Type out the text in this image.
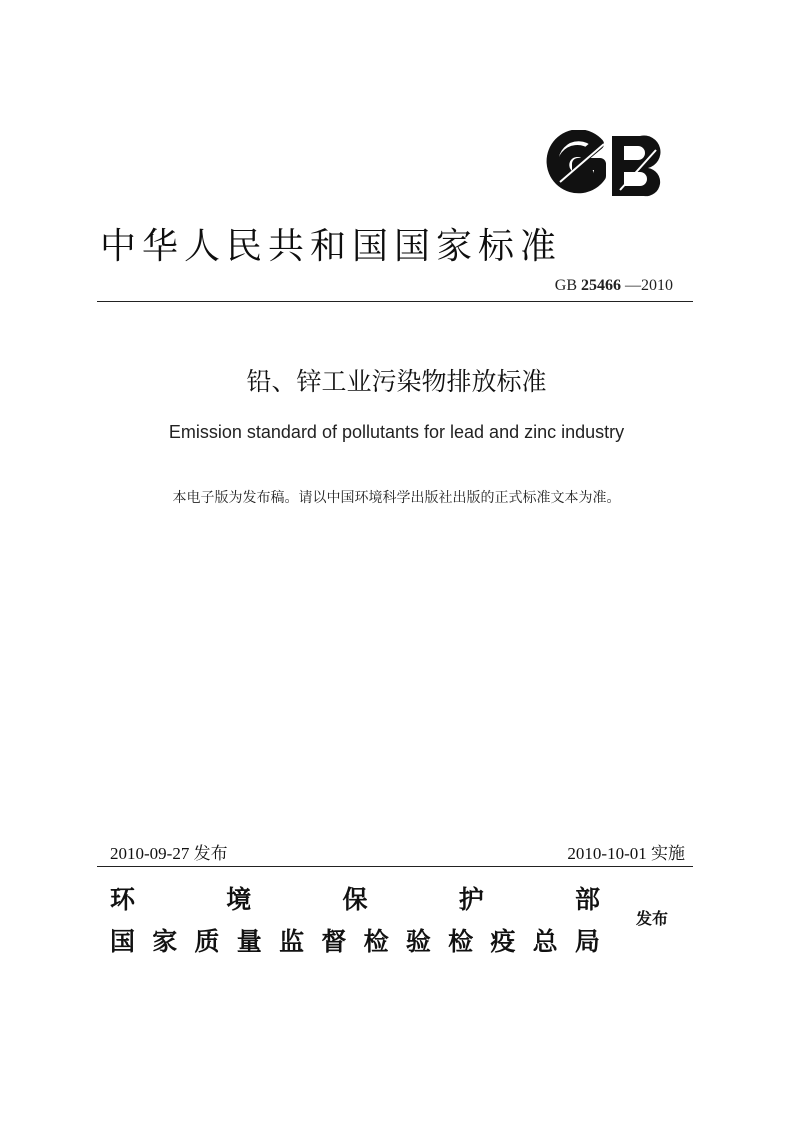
中华人民共和国国家标准
GB 25466 —2010
铅、锌工业污染物排放标准
Emission standard of pollutants for lead and zinc industry
本电子版为发布稿。请以中国环境科学出版社出版的正式标准文本为准。
2010-09-27 发布	2010-10-01 实施
环	境	保	护	部
国 家 质 量 监 督 检 验 检 疫 总 局
发布
